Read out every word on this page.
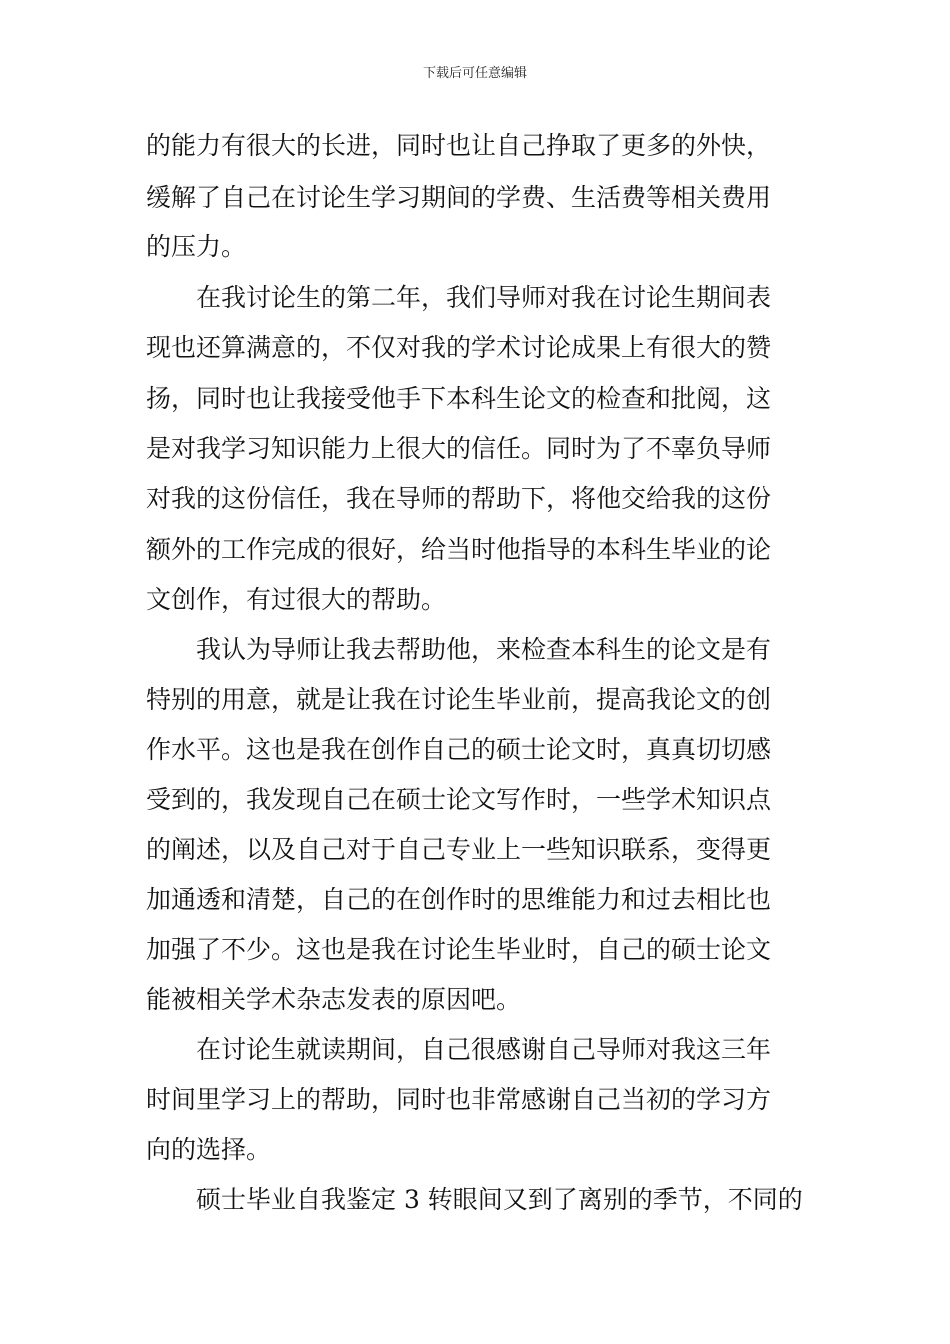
下载后可任意编辑
的能力有很大的长进，同时也让自己挣取了更多的外快，
缓解了自己在讨论生学习期间的学费、生活费等相关费用
的压力。
在我讨论生的第二年，我们导师对我在讨论生期间表
现也还算满意的，不仅对我的学术讨论成果上有很大的赞
扬，同时也让我接受他手下本科生论文的检查和批阅，这
是对我学习知识能力上很大的信任。同时为了不辜负导师
对我的这份信任，我在导师的帮助下，将他交给我的这份
额外的工作完成的很好，给当时他指导的本科生毕业的论
文创作，有过很大的帮助。
我认为导师让我去帮助他，来检查本科生的论文是有
特别的用意，就是让我在讨论生毕业前，提高我论文的创
作水平。这也是我在创作自己的硕士论文时，真真切切感
受到的，我发现自己在硕士论文写作时，一些学术知识点
的阐述，以及自己对于自己专业上一些知识联系，变得更
加通透和清楚，自己的在创作时的思维能力和过去相比也
加强了不少。这也是我在讨论生毕业时，自己的硕士论文
能被相关学术杂志发表的原因吧。
在讨论生就读期间，自己很感谢自己导师对我这三年
时间里学习上的帮助，同时也非常感谢自己当初的学习方
向的选择。
硕士毕业自我鉴定 3 转眼间又到了离别的季节，不同的
